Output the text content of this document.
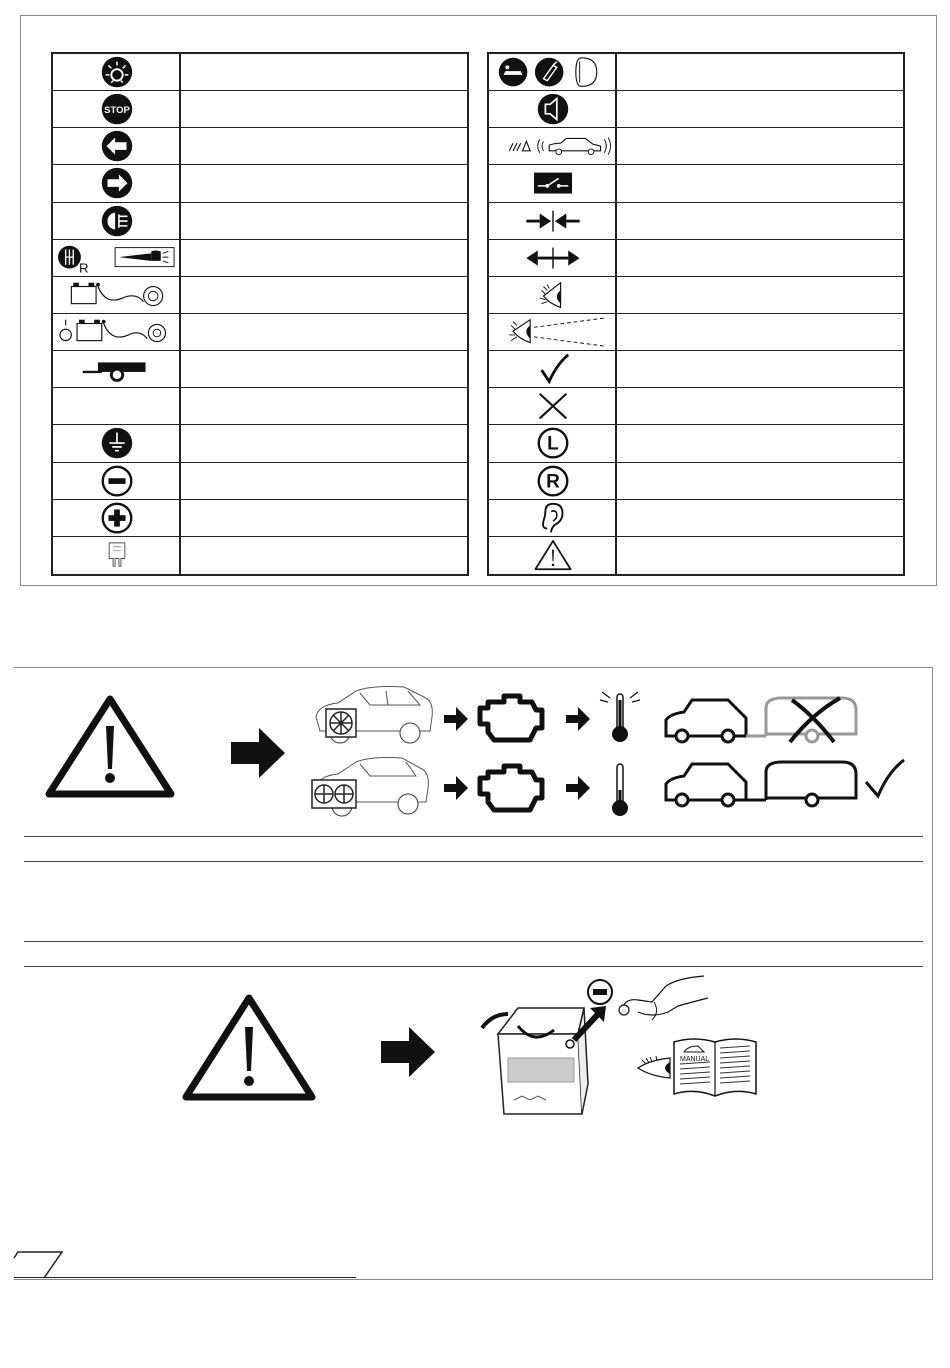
STOP
R
L
R
MANUAL
